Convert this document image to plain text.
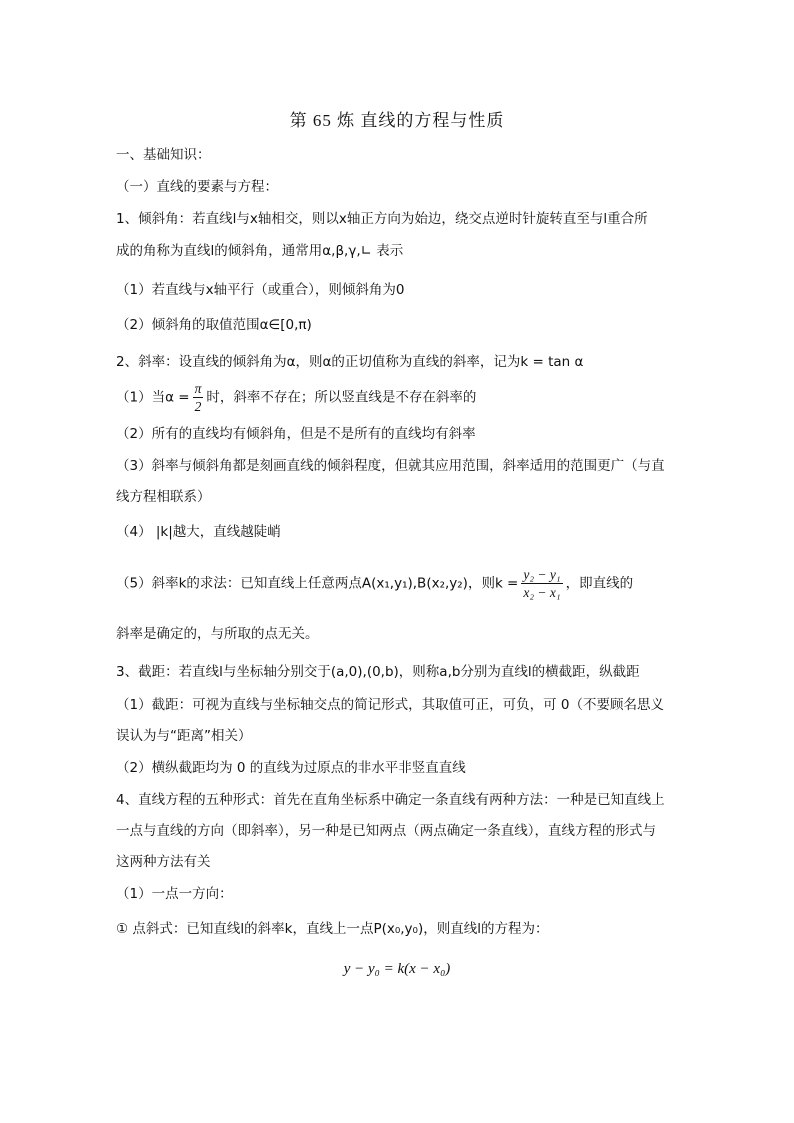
第 65 炼 直线的方程与性质
一、基础知识：
（一）直线的要素与方程：
1、倾斜角：若直线l与x轴相交，则以x轴正方向为始边，绕交点逆时针旋转直至与l重合所
成的角称为直线l的倾斜角，通常用α,β,γ,∟ 表示
（1）若直线与x轴平行（或重合），则倾斜角为0
（2）倾斜角的取值范围α∈[0,π)
2、斜率：设直线的倾斜角为α，则α的正切值称为直线的斜率，记为k = tan α
（1）当$\alpha = \frac{\pi}{2}$ 时，斜率不存在；所以竖直线是不存在斜率的
（2）所有的直线均有倾斜角，但是不是所有的直线均有斜率
（3）斜率与倾斜角都是刻画直线的倾斜程度，但就其应用范围，斜率适用的范围更广（与直
线方程相联系）
（4） |k|越大，直线越陡峭
（5）斜率k的求法：已知直线上任意两点A(x₁,y₁),B(x₂,y₂)，则$k = \frac{\text{y₂ − y₁}}{\text{x₂ − x₁}}$ ，即直线的
斜率是确定的，与所取的点无关。
3、截距：若直线l与坐标轴分别交于(a,0),(0,b)，则称a,b分别为直线l的横截距，纵截距
（1）截距：可视为直线与坐标轴交点的简记形式，其取值可正，可负，可 0（不要顾名思义
误认为与“距离”相关）
（2）横纵截距均为 0 的直线为过原点的非水平非竖直直线
4、直线方程的五种形式：首先在直角坐标系中确定一条直线有两种方法：一种是已知直线上
一点与直线的方向（即斜率），另一种是已知两点（两点确定一条直线），直线方程的形式与
这两种方法有关
（1）一点一方向：
① 点斜式：已知直线l的斜率k，直线上一点P(x₀,y₀)，则直线l的方程为：
y − y₀ = k(x − x₀)
